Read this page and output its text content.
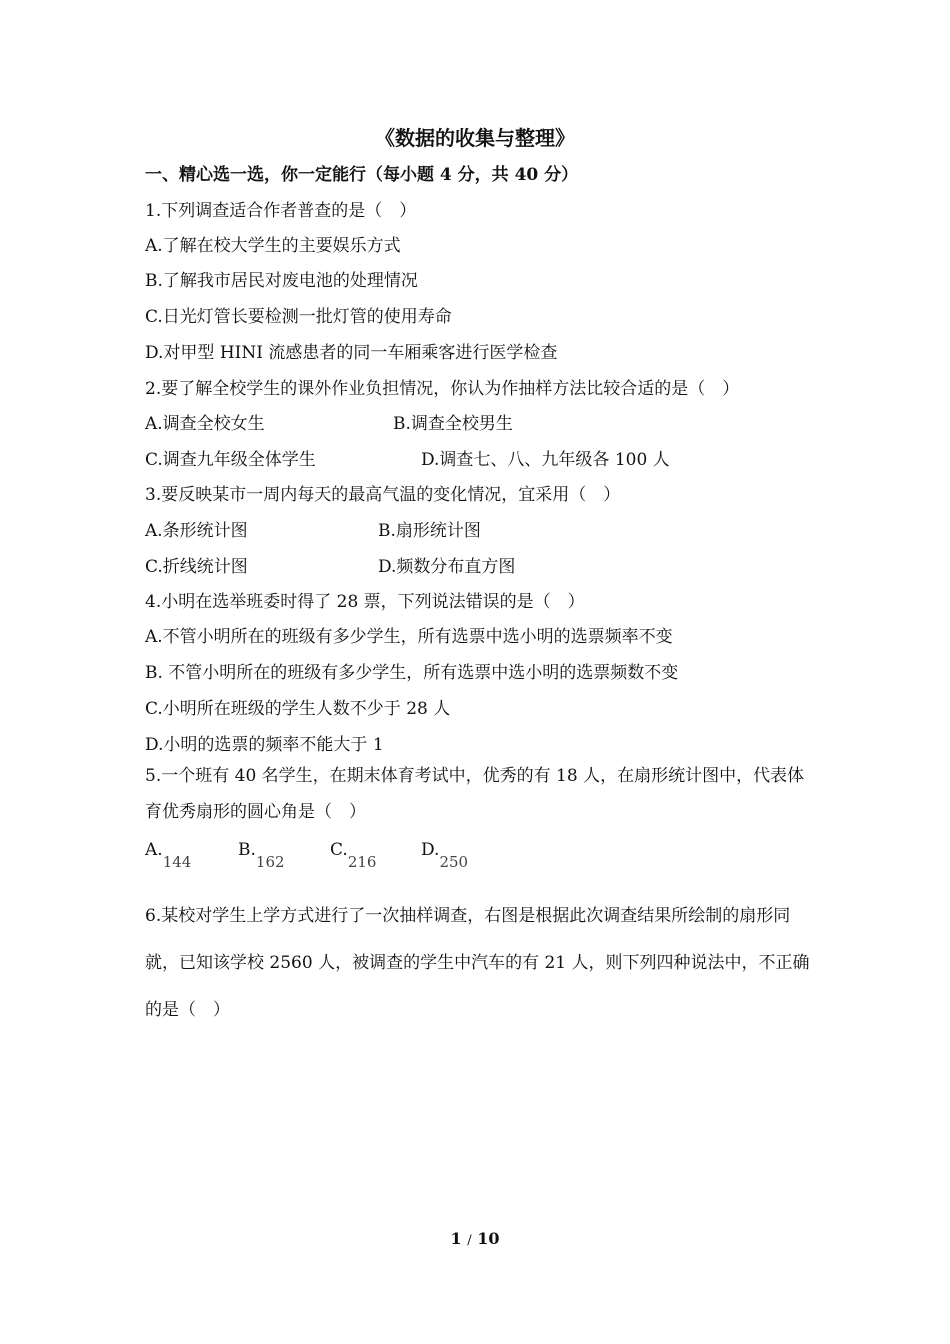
《数据的收集与整理》
一、精心选一选，你一定能行（每小题 4 分，共 40 分）
1.下列调查适合作者普查的是（　）
A.了解在校大学生的主要娱乐方式
B.了解我市居民对废电池的处理情况
C.日光灯管长要检测一批灯管的使用寿命
D.对甲型 HINI 流感患者的同一车厢乘客进行医学检查
2.要了解全校学生的课外作业负担情况，你认为作抽样方法比较合适的是（　）
A.调查全校女生	B.调查全校男生
C.调查九年级全体学生	D.调查七、八、九年级各 100 人
3.要反映某市一周内每天的最高气温的变化情况，宜采用（　）
A.条形统计图	B.扇形统计图
C.折线统计图	D.频数分布直方图
4.小明在选举班委时得了 28 票，下列说法错误的是（　）
A.不管小明所在的班级有多少学生，所有选票中选小明的选票频率不变
B. 不管小明所在的班级有多少学生，所有选票中选小明的选票频数不变
C.小明所在班级的学生人数不少于 28 人
D.小明的选票的频率不能大于 1
5.一个班有 40 名学生，在期末体育考试中，优秀的有 18 人，在扇形统计图中，代表体育优秀扇形的圆心角是（　）
A.144
B.162
C.216
D.250
6.某校对学生上学方式进行了一次抽样调查，右图是根据此次调查结果所绘制的扇形同就，已知该学校 2560 人，被调查的学生中汽车的有 21 人，则下列四种说法中，不正确的是（　）
1 / 10
